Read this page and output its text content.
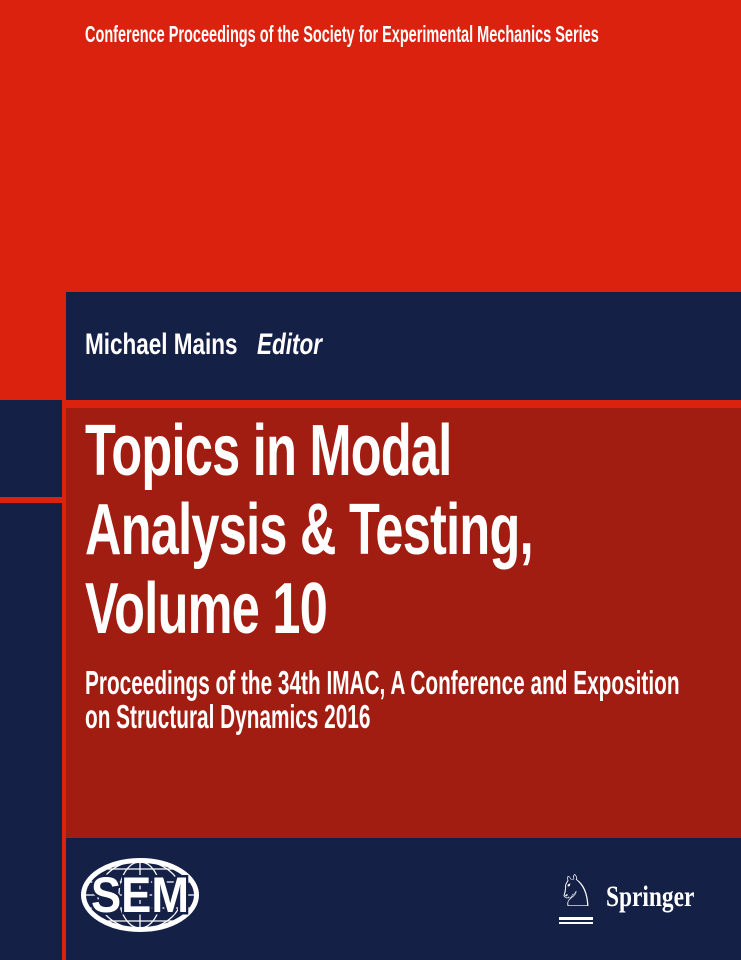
Conference Proceedings of the Society for Experimental Mechanics Series
Michael Mains Editor
Topics in Modal
Analysis & Testing,
Volume 10
Proceedings of the 34th IMAC, A Conference and Exposition
on Structural Dynamics 2016
SEM	♘ Springer
